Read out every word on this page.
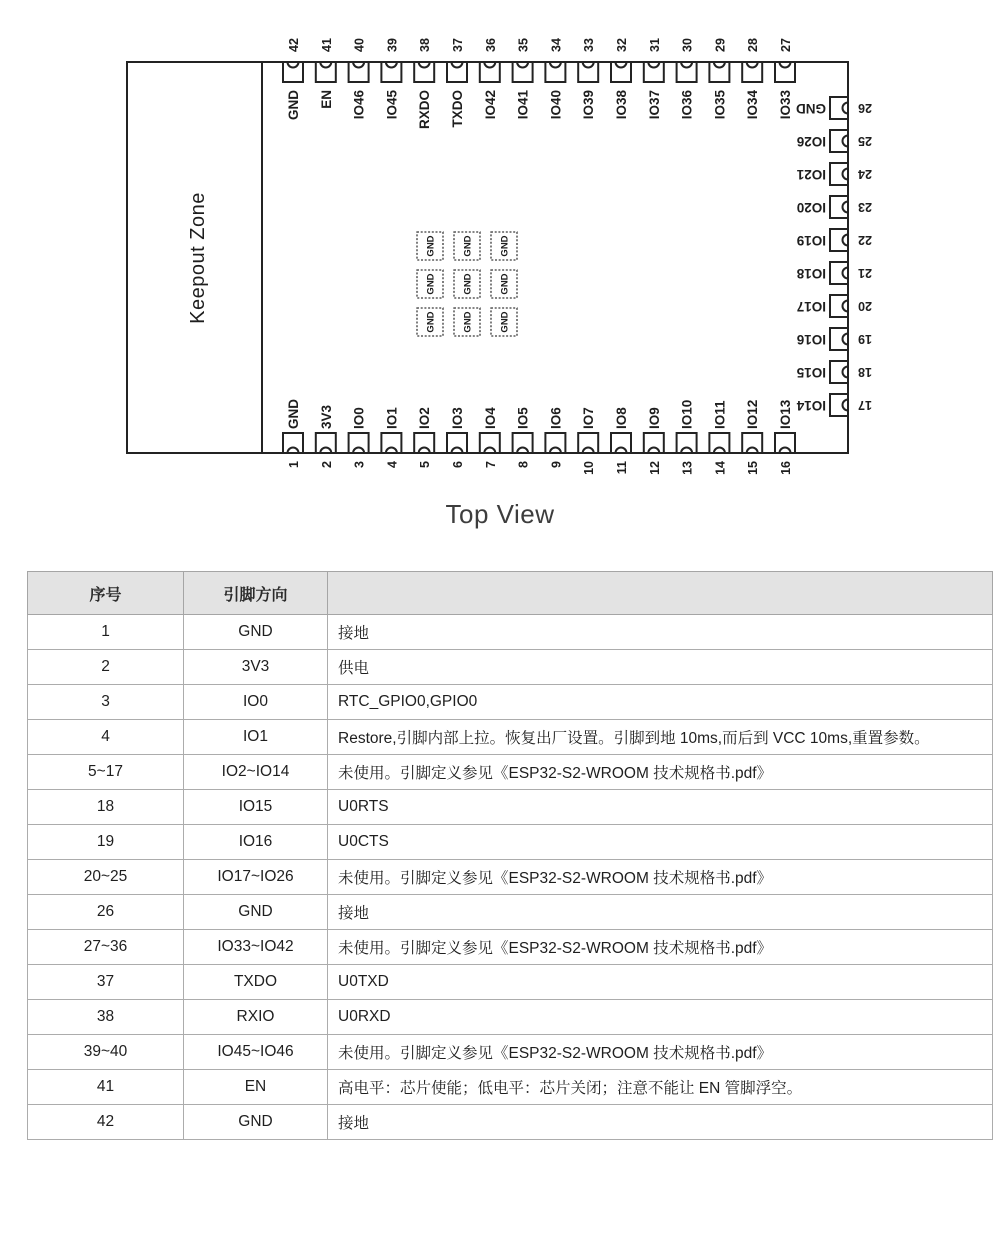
Keepout Zone
Top View
42
GND
41
EN
40
IO46
39
IO45
38
RXDO
37
TXDO
36
IO42
35
IO41
34
IO40
33
IO39
32
IO38
31
IO37
30
IO36
29
IO35
28
IO34
27
IO33
1
GND
2
3V3
3
IO0
4
IO1
5
IO2
6
IO3
7
IO4
8
IO5
9
IO6
10
IO7
11
IO8
12
IO9
13
IO10
14
IO11
15
IO12
16
IO13
26
GND
25
IO26
24
IO21
23
IO20
22
IO19
21
IO18
20
IO17
19
IO16
18
IO15
17
IO14
GND	GND	GND
GND	GND	GND
GND	GND	GND
序号	引脚方向	
1	GND	接地
2	3V3	供电
3	IO0	RTC_GPIO0,GPIO0
4	IO1	Restore,引脚内部上拉。恢复出厂设置。引脚到地 10ms,而后到 VCC 10ms,重置参数。
5~17	IO2~IO14	未使用。引脚定义参见《ESP32-S2-WROOM 技术规格书.pdf》
18	IO15	U0RTS
19	IO16	U0CTS
20~25	IO17~IO26	未使用。引脚定义参见《ESP32-S2-WROOM 技术规格书.pdf》
26	GND	接地
27~36	IO33~IO42	未使用。引脚定义参见《ESP32-S2-WROOM 技术规格书.pdf》
37	TXDO	U0TXD
38	RXIO	U0RXD
39~40	IO45~IO46	未使用。引脚定义参见《ESP32-S2-WROOM 技术规格书.pdf》
41	EN	高电平：芯片使能；低电平：芯片关闭；注意不能让 EN 管脚浮空。
42	GND	接地
